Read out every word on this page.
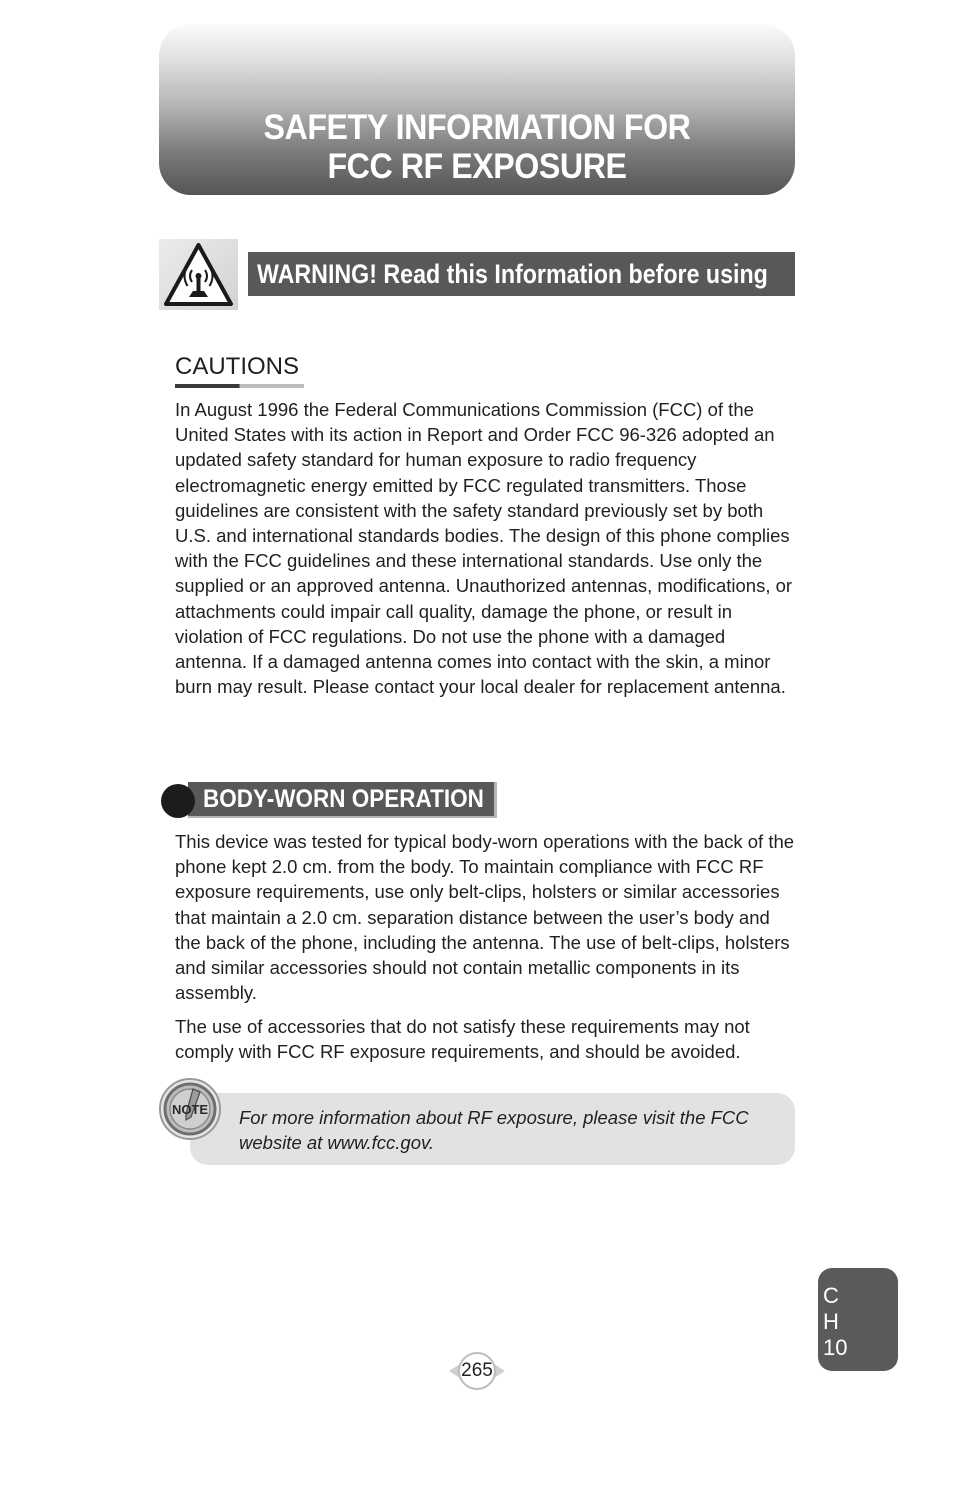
SAFETY INFORMATION FOR
FCC RF EXPOSURE
WARNING! Read this Information before using
CAUTIONS

In August 1996 the Federal Communications Commission (FCC) of the United States with its action in Report and Order FCC 96-326 adopted an updated safety standard for human exposure to radio frequency electromagnetic energy emitted by FCC regulated transmitters. Those guidelines are consistent with the safety standard previously set by both U.S. and international standards bodies. The design of this phone complies with the FCC guidelines and these international standards. Use only the supplied or an approved antenna. Unauthorized antennas, modifications, or attachments could impair call quality, damage the phone, or result in violation of FCC regulations. Do not use the phone with a damaged antenna. If a damaged antenna comes into contact with the skin, a minor burn may result. Please contact your local dealer for replacement antenna.

BODY-WORN OPERATION

This device was tested for typical body-worn operations with the back of the phone kept 2.0 cm. from the body. To maintain compliance with FCC RF exposure requirements, use only belt-clips, holsters or similar accessories that maintain a 2.0 cm. separation distance between the user’s body and the back of the phone, including the antenna. The use of belt-clips, holsters and similar accessories should not contain metallic components in its assembly.

The use of accessories that do not satisfy these requirements may not comply with FCC RF exposure requirements, and should be avoided.

NOTE For more information about RF exposure, please visit the FCC website at www.fcc.gov.

C
H
10
265
